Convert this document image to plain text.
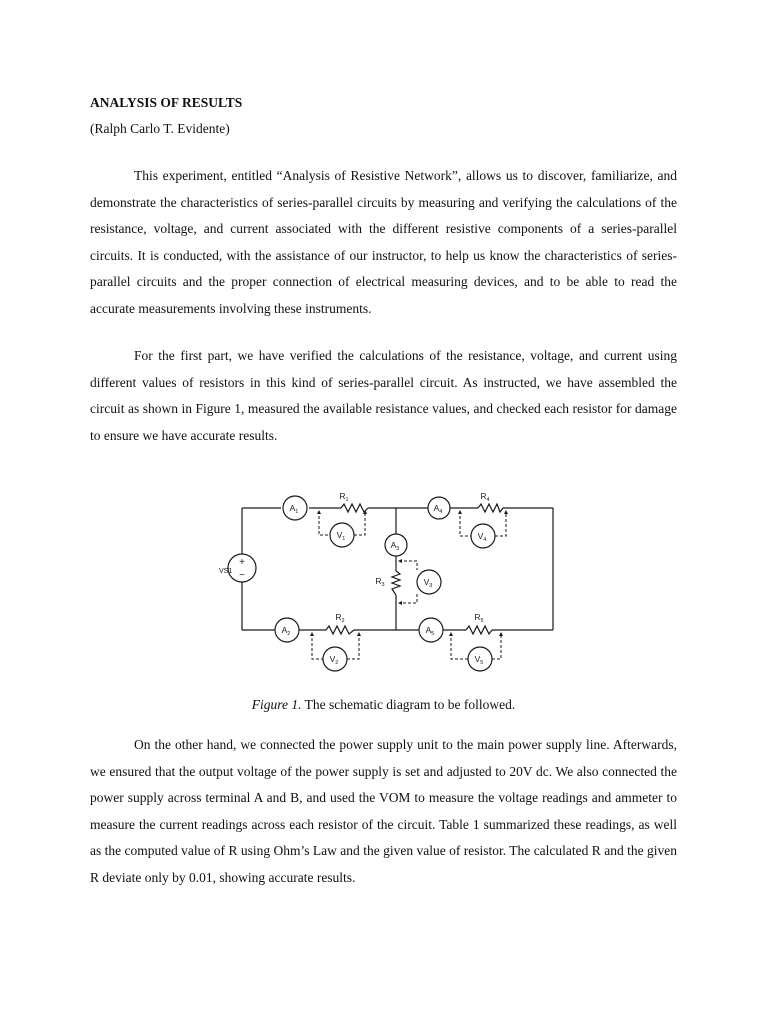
ANALYSIS OF RESULTS

(Ralph Carlo T. Evidente)

This experiment, entitled “Analysis of Resistive Network”, allows us to discover, familiarize, and demonstrate the characteristics of series-parallel circuits by measuring and verifying the calculations of the resistance, voltage, and current associated with the different resistive components of a series-parallel circuits. It is conducted, with the assistance of our instructor, to help us know the characteristics of series-parallel circuits and the proper connection of electrical measuring devices, and to be able to read the accurate measurements involving these instruments.

For the first part, we have verified the calculations of the resistance, voltage, and current using different values of resistors in this kind of series-parallel circuit. As instructed, we have assembled the circuit as shown in Figure 1, measured the available resistance values, and checked each resistor for damage to ensure we have accurate results.

+
−
VS1
$A_1$
$A_2$
$A_3$
$A_4$
$A_5$
$V_1$
$V_2$
$V_3$
$V_4$
$V_5$
$R_1$
$R_2$
$R_3$
$R_4$
$R_5$
Figure 1. The schematic diagram to be followed.

On the other hand, we connected the power supply unit to the main power supply line. Afterwards, we ensured that the output voltage of the power supply is set and adjusted to 20V dc. We also connected the power supply across terminal A and B, and used the VOM to measure the voltage readings and ammeter to measure the current readings across each resistor of the circuit. Table 1 summarized these readings, as well as the computed value of R using Ohm’s Law and the given value of resistor. The calculated R and the given R deviate only by 0.01, showing accurate results.
